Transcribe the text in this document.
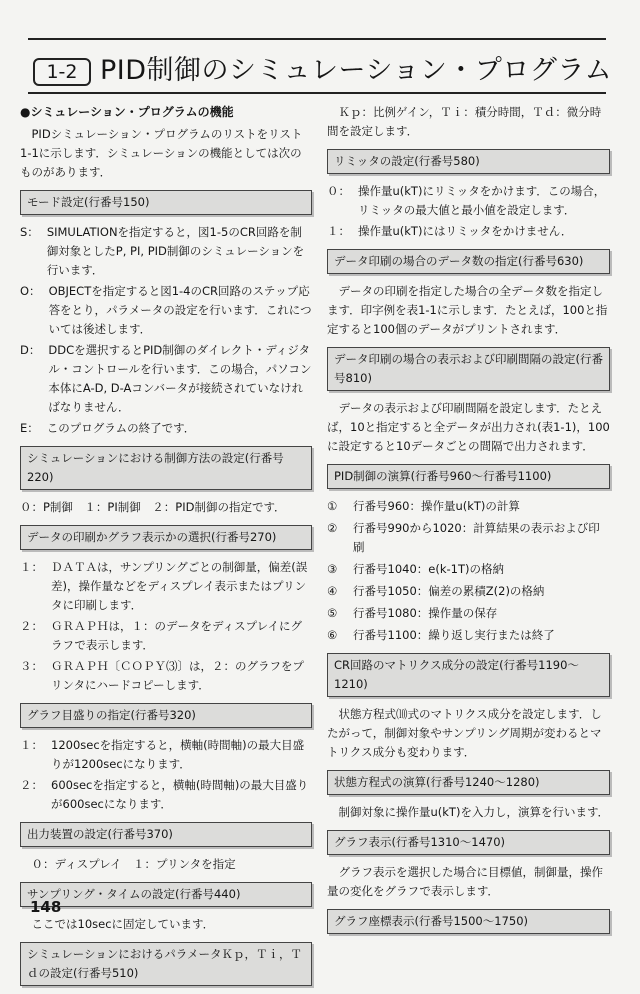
1-2 PID制御のシミュレーション・プログラム

●シミュレーション・プログラムの機能

PIDシミュレーション・プログラムのリストをリスト1-1に示します．シミュレーションの機能としては次のものがあります．

モード設定(行番号150)
S： SIMULATIONを指定すると，図1-5のCR回路を制御対象としたP, PI, PID制御のシミュレーションを行います．
O： OBJECTを指定すると図1-4のCR回路のステップ応答をとり，パラメータの設定を行います．これについては後述します．
D： DDCを選択するとPID制御のダイレクト・ディジタル・コントロールを行います．この場合，パソコン本体にA-D, D-Aコンバータが接続されていなければなりません．
E： このプログラムの終了です．
シミュレーションにおける制御方法の設定(行番号220)

０：P制御　１：PI制御　２：PID制御の指定です．

データの印刷かグラフ表示かの選択(行番号270)
１： ＤＡＴＡは，サンプリングごとの制御量，偏差(誤差)，操作量などをディスプレイ表示またはプリンタに印刷します．
２： ＧＲＡＰＨは，１：のデータをディスプレイにグラフで表示します．
３： ＧＲＡＰＨ〔ＣＯＰＹ⑶〕は，２：のグラフをプリンタにハードコピーします．
グラフ目盛りの指定(行番号320)
１： 1200secを指定すると，横軸(時間軸)の最大目盛りが1200secになります．
２： 600secを指定すると，横軸(時間軸)の最大目盛りが600secになります．
出力装置の設定(行番号370)

０：ディスプレイ　１：プリンタを指定

サンプリング・タイムの設定(行番号440)

ここでは10secに固定しています．

シミュレーションにおけるパラメータＫｐ，Ｔｉ，Ｔｄの設定(行番号510)

Ｋｐ：比例ゲイン，Ｔｉ：積分時間，Ｔｄ：微分時間を設定します．

リミッタの設定(行番号580)
０： 操作量u(kT)にリミッタをかけます．この場合，リミッタの最大値と最小値を設定します．
１： 操作量u(kT)にはリミッタをかけません．
データ印刷の場合のデータ数の指定(行番号630)

データの印刷を指定した場合の全データ数を指定します．印字例を表1-1に示します．たとえば，100と指定すると100個のデータがプリントされます．

データ印刷の場合の表示および印刷間隔の設定(行番号810)

データの表示および印刷間隔を設定します．たとえば，10と指定すると全データが出力され(表1-1)，100に設定すると10データごとの間隔で出力されます．

PID制御の演算(行番号960〜行番号1100)
①	行番号960：操作量u(kT)の計算
②	行番号990から1020：計算結果の表示および印刷
③	行番号1040：e(k-1T)の格納
④	行番号1050：偏差の累積Z(2)の格納
⑤	行番号1080：操作量の保存
⑥	行番号1100：繰り返し実行または終了
CR回路のマトリクス成分の設定(行番号1190〜1210)

状態方程式⑽式のマトリクス成分を設定します．したがって，制御対象やサンプリング周期が変わるとマトリクス成分も変わります．

状態方程式の演算(行番号1240〜1280)

制御対象に操作量u(kT)を入力し，演算を行います．

グラフ表示(行番号1310〜1470)

グラフ表示を選択した場合に目標値，制御量，操作量の変化をグラフで表示します．

グラフ座標表示(行番号1500〜1750)
148
